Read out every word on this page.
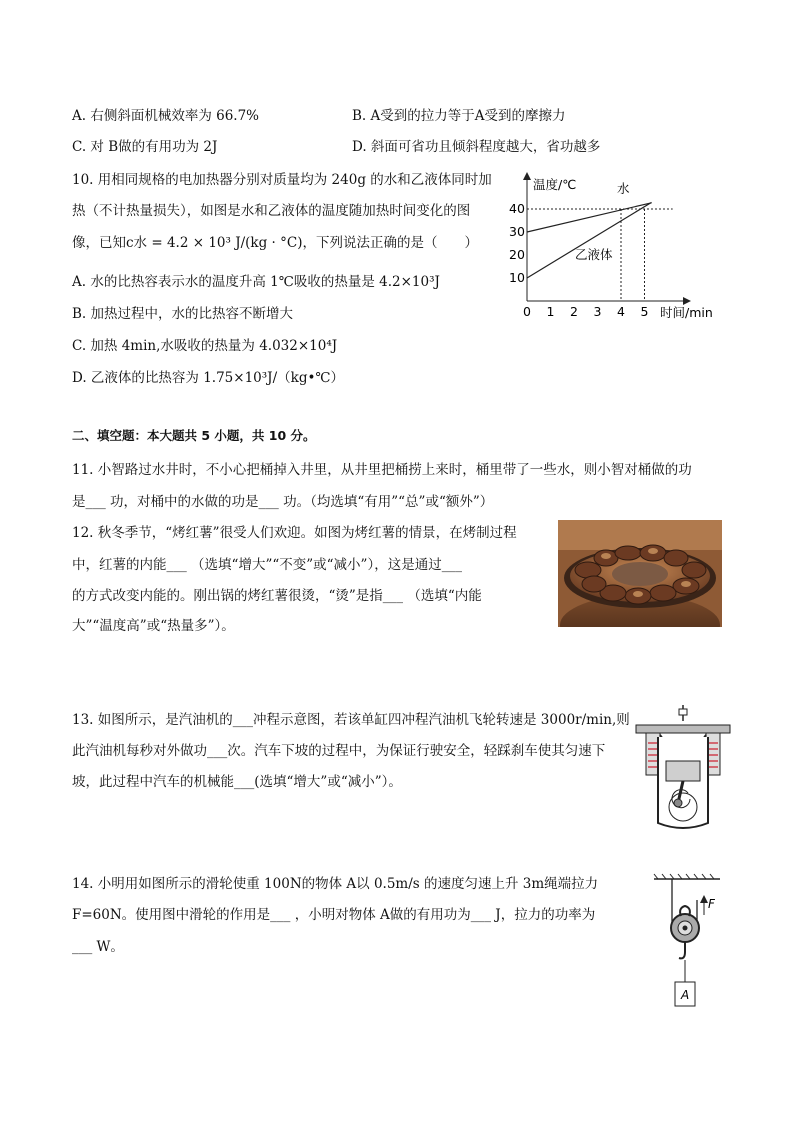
A. 右侧斜面机械效率为 66.7%	B. A受到的拉力等于A受到的摩擦力
C. 对 B做的有用功为 2J	D. 斜面可省功且倾斜程度越大，省功越多
10. 用相同规格的电加热器分别对质量均为 240g 的水和乙液体同时加
热（不计热量损失），如图是水和乙液体的温度随加热时间变化的图
像，已知c水 = 4.2 × 10³ J/(kg · °C)，下列说法正确的是（　　）
A. 水的比热容表示水的温度升高 1℃吸收的热量是 4.2×10³J
B. 加热过程中，水的比热容不断增大
C. 加热 4min,水吸收的热量为 4.032×10⁴J
D. 乙液体的比热容为 1.75×10³J/（kg•℃）
0 1 2 3 4 5
10
20
30
40
温度/℃
时间/min
水
乙液体
二、填空题：本大题共 5 小题，共 10 分。
11. 小智路过水井时，不小心把桶掉入井里，从井里把桶捞上来时，桶里带了一些水，则小智对桶做的功
是___ 功，对桶中的水做的功是___ 功。（均选填“有用”“总”或“额外”）
12. 秋冬季节，“烤红薯”很受人们欢迎。如图为烤红薯的情景，在烤制过程
中，红薯的内能___ （选填“增大”“不变”或“减小”），这是通过___
的方式改变内能的。刚出锅的烤红薯很烫，“烫”是指___ （选填“内能
大”“温度高”或“热量多”）。
13. 如图所示，是汽油机的___冲程示意图，若该单缸四冲程汽油机飞轮转速是 3000r/min,则
此汽油机每秒对外做功___次。汽车下坡的过程中，为保证行驶安全，轻踩刹车使其匀速下
坡，此过程中汽车的机械能___(选填“增大”或“减小”）。
14. 小明用如图所示的滑轮使重 100N的物体 A以 0.5m/s 的速度匀速上升 3m绳端拉力
F=60N。使用图中滑轮的作用是___ ，小明对物体 A做的有用功为___ J，拉力的功率为
___ W。
F
A
